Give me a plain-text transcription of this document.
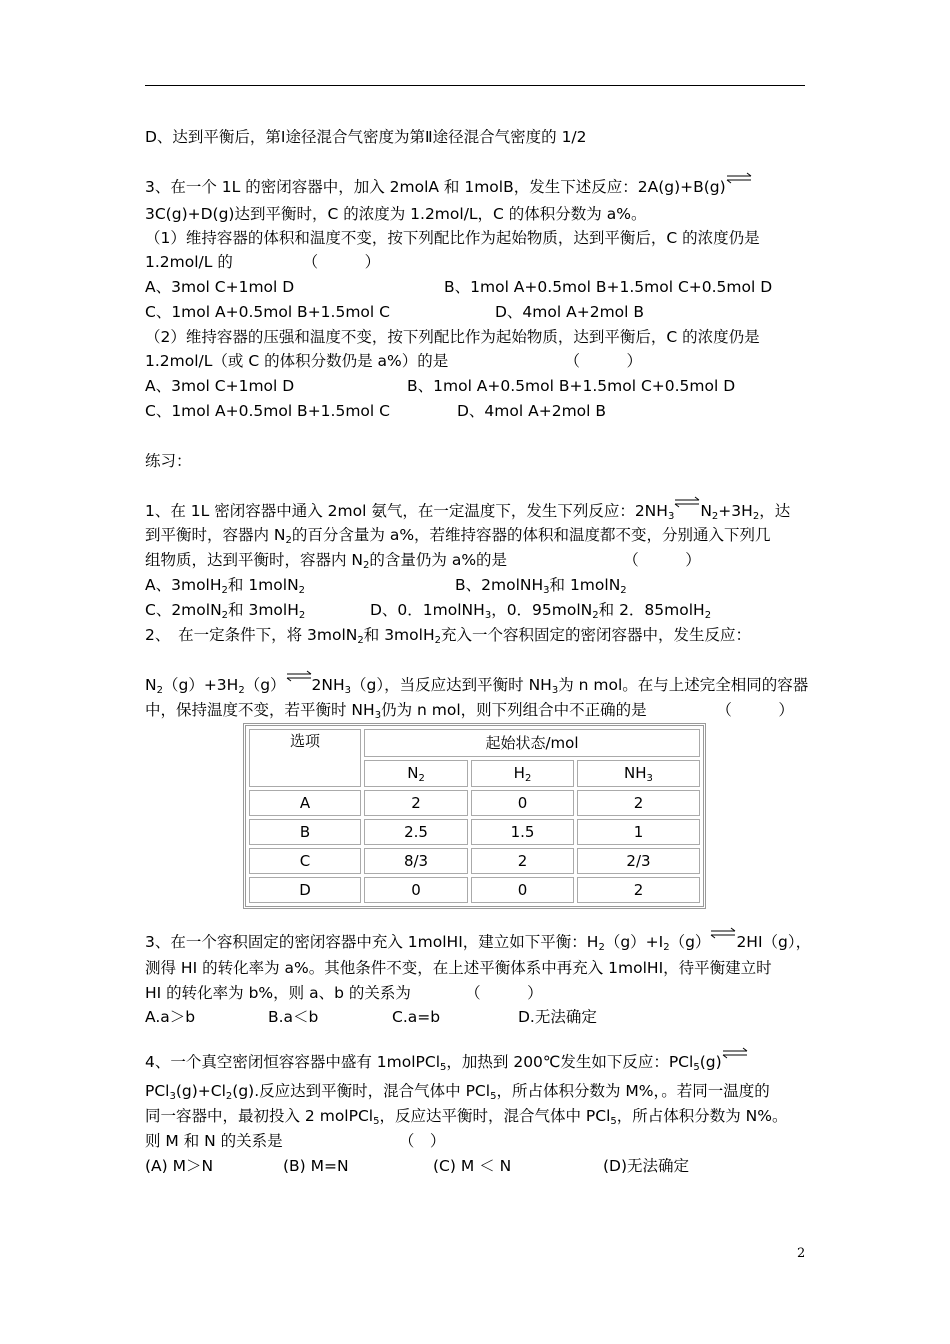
D、达到平衡后，第Ⅰ途径混合气密度为第Ⅱ途径混合气密度的 1/2
3、在一个 1L 的密闭容器中，加入 2molA 和 1molB，发生下述反应：2A(g)+B(g)⇌
3C(g)+D(g)达到平衡时，C 的浓度为 1.2mol/L，C 的体积分数为 a%。
（1）维持容器的体积和温度不变，按下列配比作为起始物质，达到平衡后，C 的浓度仍是
1.2mol/L 的　　　　　（　　　）
A、3mol C+1mol D	B、1mol A+0.5mol B+1.5mol C+0.5mol D
C、1mol A+0.5mol B+1.5mol C	D、4mol A+2mol B
（2）维持容器的压强和温度不变，按下列配比作为起始物质，达到平衡后，C 的浓度仍是
1.2mol/L（或 C 的体积分数仍是 a%）的是　　　　　　　　（　　　）
A、3mol C+1mol D	B、1mol A+0.5mol B+1.5mol C+0.5mol D
C、1mol A+0.5mol B+1.5mol C	D、4mol A+2mol B
练习：
1、在 1L 密闭容器中通入 2mol 氨气，在一定温度下，发生下列反应：$2NH_3$ $\rightleftharpoons N_2+3H_2$，达
到平衡时，容器内 $N_2$的百分含量为 a%，若维持容器的体积和温度都不变，分别通入下列几
组物质，达到平衡时，容器内 $N_2$的含量仍为 a%的是　　　　　　　　（　　　）
A、3molH$_2$和 1molN$_2$	B、2molNH$_3$和 1molN$_2$
C、2molN$_2$和 3molH$_2$	D、0．1molNH$_3$，0．95molN$_2$和 2．85molH$_2$
2、　在一定条件下，将 3molN$_2$和 3molH$_2$充入一个容积固定的密闭容器中，发生反应：
$N_2(g)+3H_2(g)\rightleftharpoons 2NH_3(g)$，当反应达到平衡时 $NH_3$为 n mol。在与上述完全相同的容器
中，保持温度不变，若平衡时 $NH_3$仍为 n mol，则下列组合中不正确的是　　　　　（　　　）
选项	起始状态/mol		
	$N_2$	$H_2$	$NH_3$
A	2	0	2
B	2.5	1.5	1
C	8/3	2	2/3
D	0	0	2
3、在一个容积固定的密闭容器中充入 1molHI，建立如下平衡：$H_2(g)+I_2(g)\rightleftharpoons 2HI(g)$，
测得 HI 的转化率为 a%。其他条件不变，在上述平衡体系中再充入 1molHI，待平衡建立时
HI 的转化率为 b%，则 a、b 的关系为　　　　（　　　）
A.a＞b	B.a＜b	C.a=b	D.无法确定
4、一个真空密闭恒容容器中盛有 1molPCl$_5$，加热到 200℃发生如下反应：PCl$_5$(g)⇌
$PCl_3(g)+Cl_2(g)$.反应达到平衡时，混合气体中 PCl$_5$，所占体积分数为 M%，。若同一温度的
同一容器中，最初投入 2 molPCl$_5$，反应达平衡时，混合气体中 PCl$_5$，所占体积分数为 N%。
则 M 和 N 的关系是　　　　　　　　（　）
(A) M＞N	(B) M=N	(C) M ＜ N	(D)无法确定
2
